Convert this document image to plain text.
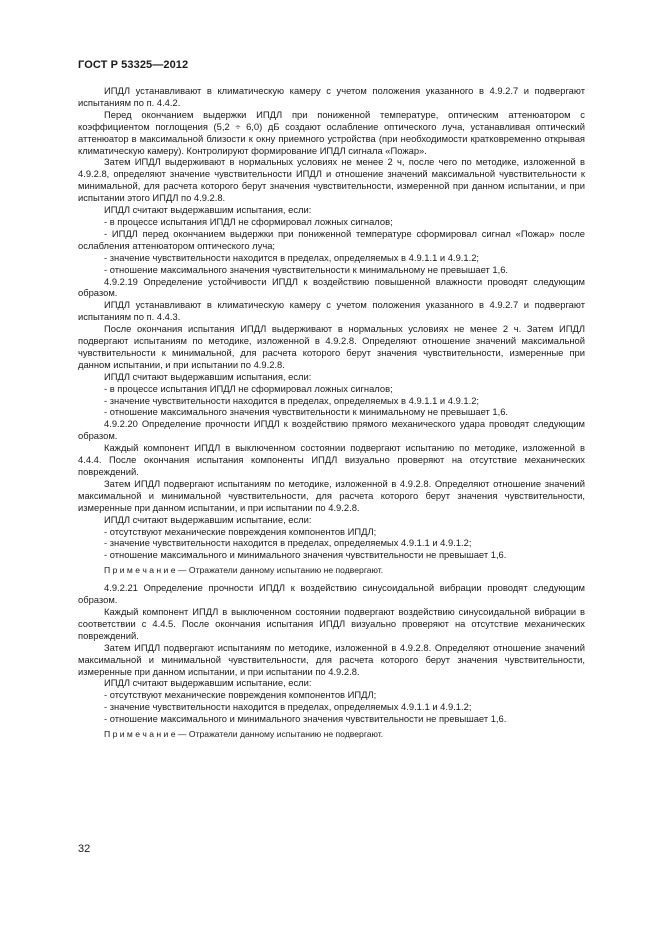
ГОСТ Р 53325—2012

ИПДЛ устанавливают в климатическую камеру с учетом положения указанного в 4.9.2.7 и подвергают испытаниям по п. 4.4.2.

Перед окончанием выдержки ИПДЛ при пониженной температуре, оптическим аттенюатором с коэффициентом поглощения (5,2 ÷ 6,0) дБ создают ослабление оптического луча, устанавливая оптический аттенюатор в максимальной близости к окну приемного устройства (при необходимости кратковременно открывая климатическую камеру). Контролируют формирование ИПДЛ сигнала «Пожар».

Затем ИПДЛ выдерживают в нормальных условиях не менее 2 ч, после чего по методике, изложенной в 4.9.2.8, определяют значение чувствительности ИПДЛ и отношение значений максимальной чувствительности к минимальной, для расчета которого берут значения чувствительности, измеренной при данном испытании, и при испытании этого ИПДЛ по 4.9.2.8.

ИПДЛ считают выдержавшим испытания, если:

- в процессе испытания ИПДЛ не сформировал ложных сигналов;

- ИПДЛ перед окончанием выдержки при пониженной температуре сформировал сигнал «Пожар» после ослабления аттенюатором оптического луча;

- значение чувствительности находится в пределах, определяемых в 4.9.1.1 и 4.9.1.2;

- отношение максимального значения чувствительности к минимальному не превышает 1,6.

4.9.2.19 Определение устойчивости ИПДЛ к воздействию повышенной влажности проводят следующим образом.

ИПДЛ устанавливают в климатическую камеру с учетом положения указанного в 4.9.2.7 и подвергают испытаниям по п. 4.4.3.

После окончания испытания ИПДЛ выдерживают в нормальных условиях не менее 2 ч. Затем ИПДЛ подвергают испытаниям по методике, изложенной в 4.9.2.8. Определяют отношение значений максимальной чувствительности к минимальной, для расчета которого берут значения чувствительности, измеренные при данном испытании, и при испытании по 4.9.2.8.

ИПДЛ считают выдержавшим испытания, если:

- в процессе испытания ИПДЛ не сформировал ложных сигналов;

- значение чувствительности находится в пределах, определяемых в 4.9.1.1 и 4.9.1.2;

- отношение максимального значения чувствительности к минимальному не превышает 1,6.

4.9.2.20 Определение прочности ИПДЛ к воздействию прямого механического удара проводят следующим образом.

Каждый компонент ИПДЛ в выключенном состоянии подвергают испытанию по методике, изложенной в 4.4.4. После окончания испытания компоненты ИПДЛ визуально проверяют на отсутствие механических повреждений.

Затем ИПДЛ подвергают испытаниям по методике, изложенной в 4.9.2.8. Определяют отношение значений максимальной и минимальной чувствительности, для расчета которого берут значения чувствительности, измеренные при данном испытании, и при испытании по 4.9.2.8.

ИПДЛ считают выдержавшим испытание, если:

- отсутствуют механические повреждения компонентов ИПДЛ;

- значение чувствительности находится в пределах, определяемых 4.9.1.1 и 4.9.1.2;

- отношение максимального и минимального значения чувствительности не превышает 1,6.

П р и м е ч а н и е — Отражатели данному испытанию не подвергают.

4.9.2.21 Определение прочности ИПДЛ к воздействию синусоидальной вибрации проводят следующим образом.

Каждый компонент ИПДЛ в выключенном состоянии подвергают воздействию синусоидальной вибрации в соответствии с 4.4.5. После окончания испытания ИПДЛ визуально проверяют на отсутствие механических повреждений.

Затем ИПДЛ подвергают испытаниям по методике, изложенной в 4.9.2.8. Определяют отношение значений максимальной и минимальной чувствительности, для расчета которого берут значения чувствительности, измеренные при данном испытании, и при испытании по 4.9.2.8.

ИПДЛ считают выдержавшим испытание, если:

- отсутствуют механические повреждения компонентов ИПДЛ;

- значение чувствительности находится в пределах, определяемых 4.9.1.1 и 4.9.1.2;

- отношение максимального и минимального значения чувствительности не превышает 1,6.

П р и м е ч а н и е — Отражатели данному испытанию не подвергают.

32
